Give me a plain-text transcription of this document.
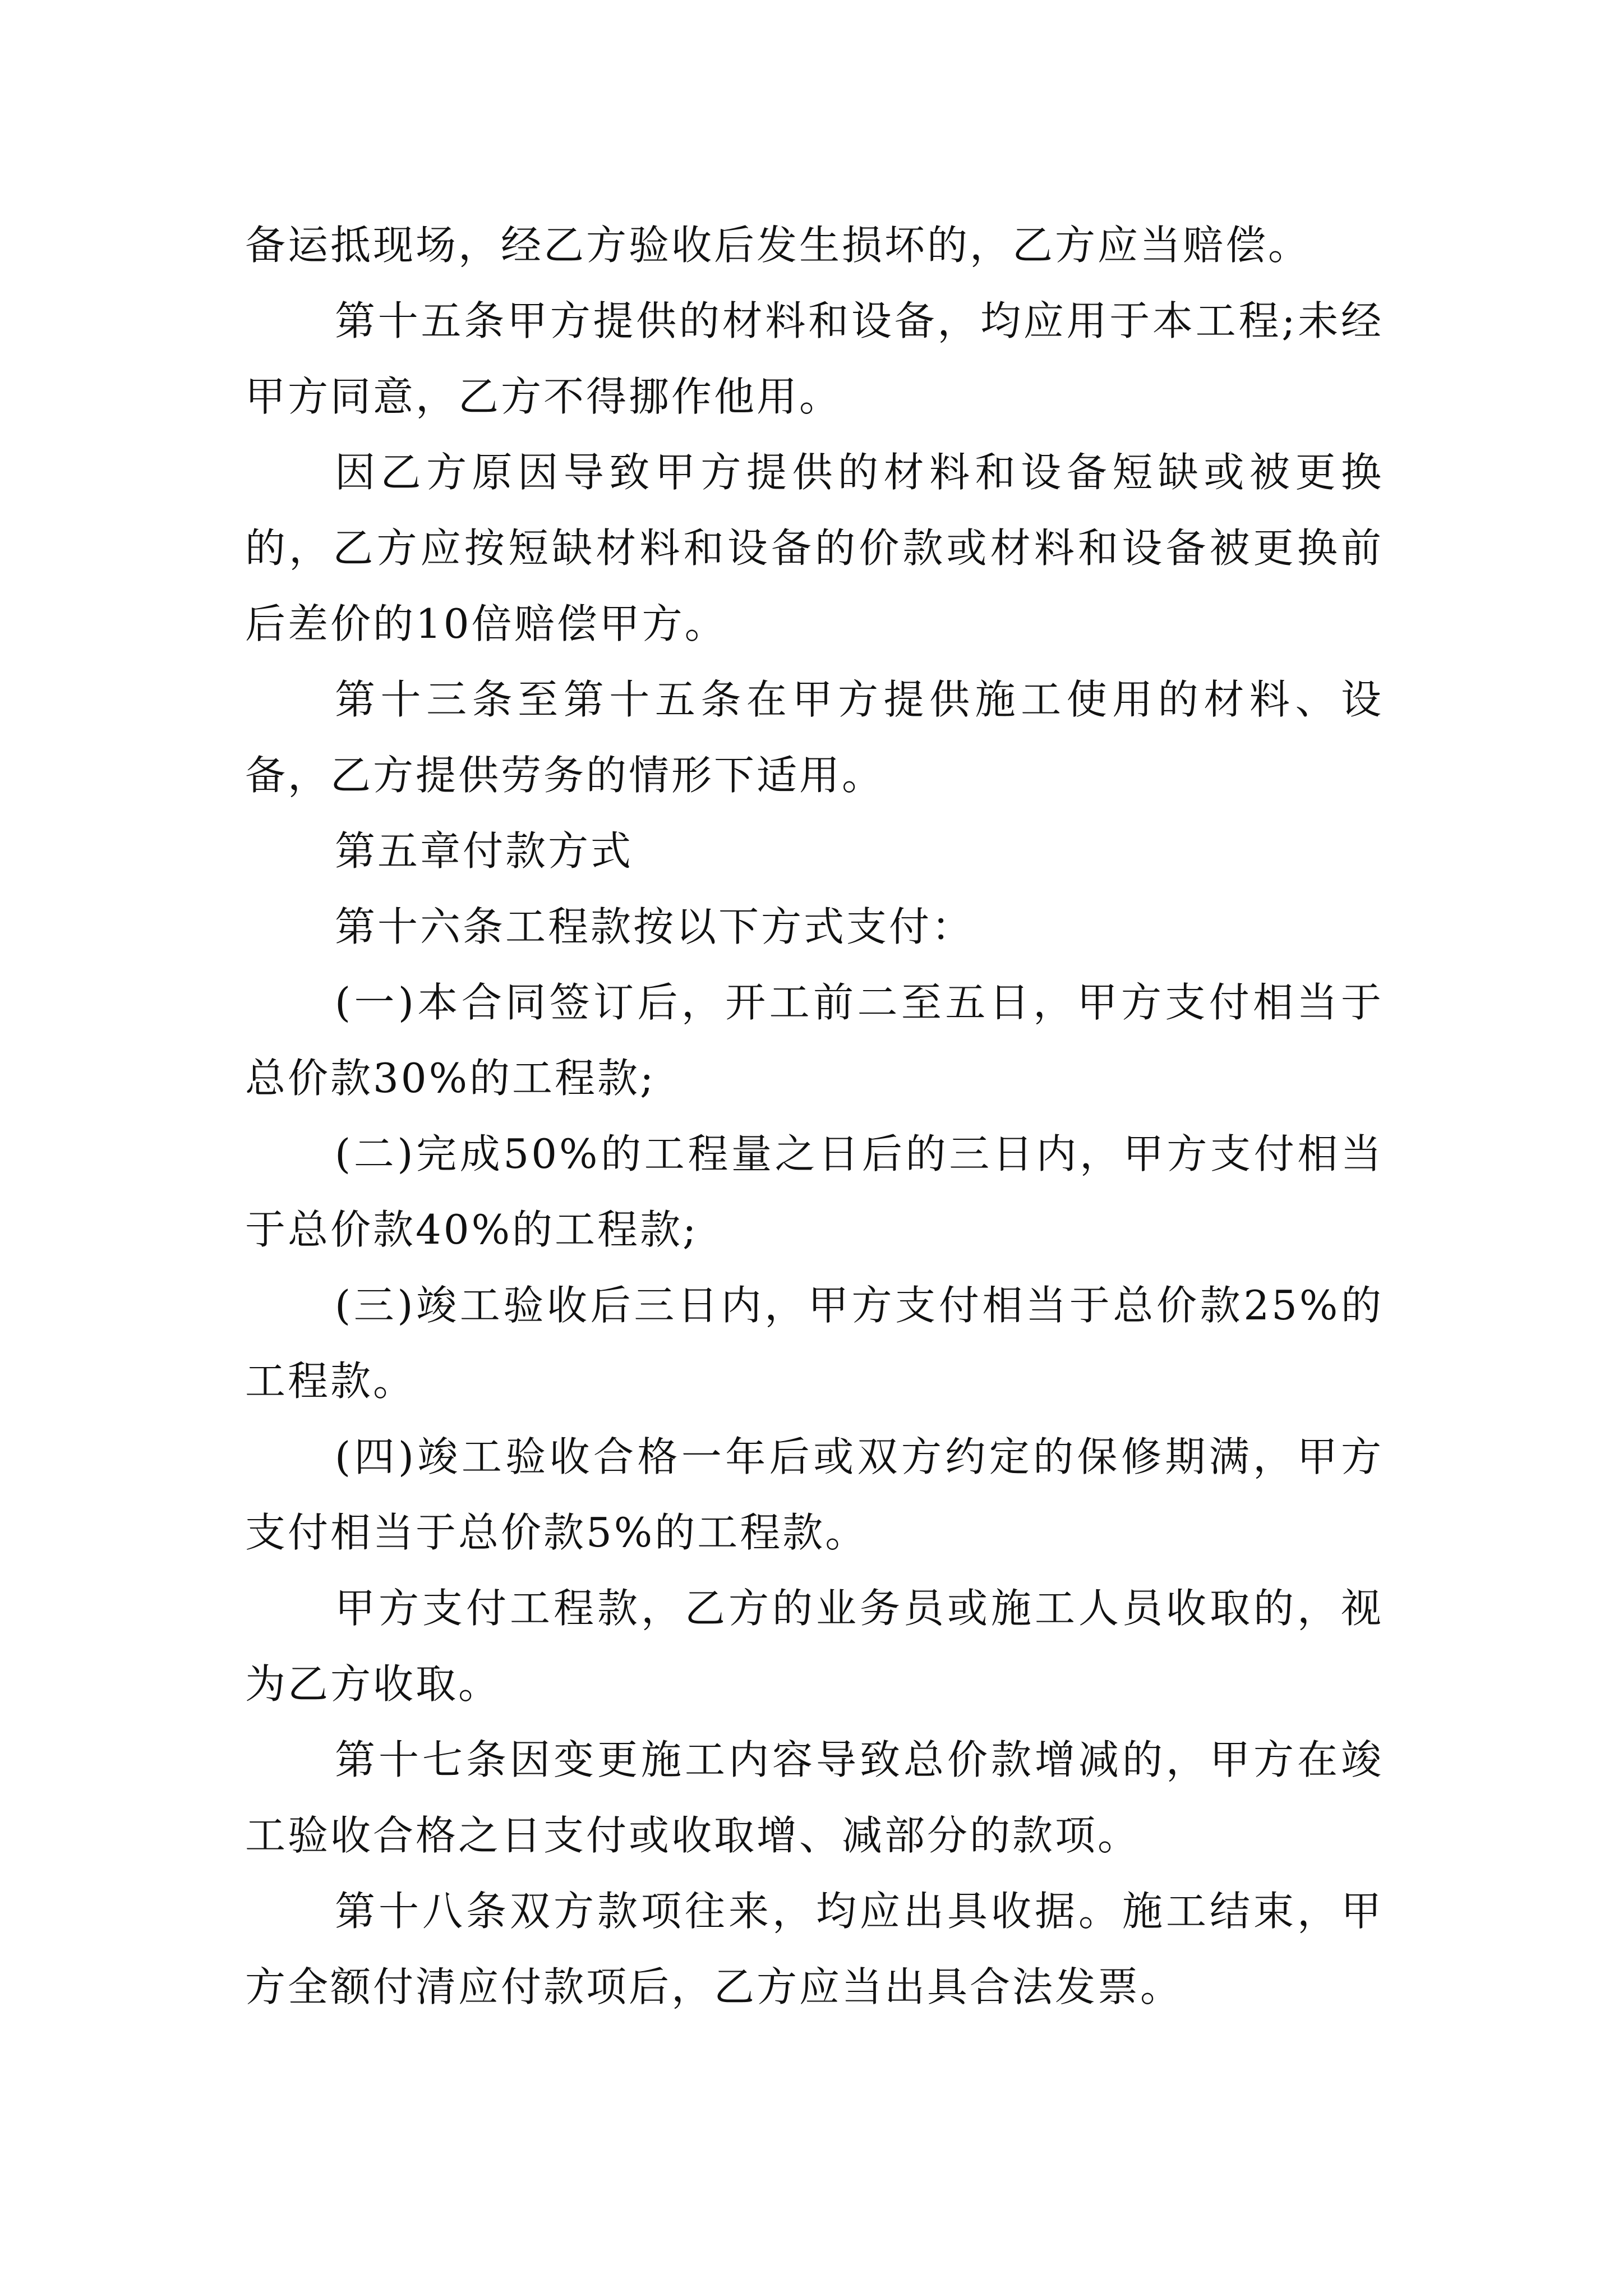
备运抵现场，经乙方验收后发生损坏的，乙方应当赔偿。

第十五条甲方提供的材料和设备，均应用于本工程;未经甲方同意，乙方不得挪作他用。

因乙方原因导致甲方提供的材料和设备短缺或被更换的，乙方应按短缺材料和设备的价款或材料和设备被更换前后差价的10倍赔偿甲方。

第十三条至第十五条在甲方提供施工使用的材料、设备，乙方提供劳务的情形下适用。

第五章付款方式

第十六条工程款按以下方式支付：

(一)本合同签订后，开工前二至五日，甲方支付相当于总价款30%的工程款;

(二)完成50%的工程量之日后的三日内，甲方支付相当于总价款40%的工程款;

(三)竣工验收后三日内，甲方支付相当于总价款25%的工程款。

(四)竣工验收合格一年后或双方约定的保修期满，甲方支付相当于总价款5%的工程款。

甲方支付工程款，乙方的业务员或施工人员收取的，视为乙方收取。

第十七条因变更施工内容导致总价款增减的，甲方在竣工验收合格之日支付或收取增、减部分的款项。

第十八条双方款项往来，均应出具收据。施工结束，甲方全额付清应付款项后，乙方应当出具合法发票。
